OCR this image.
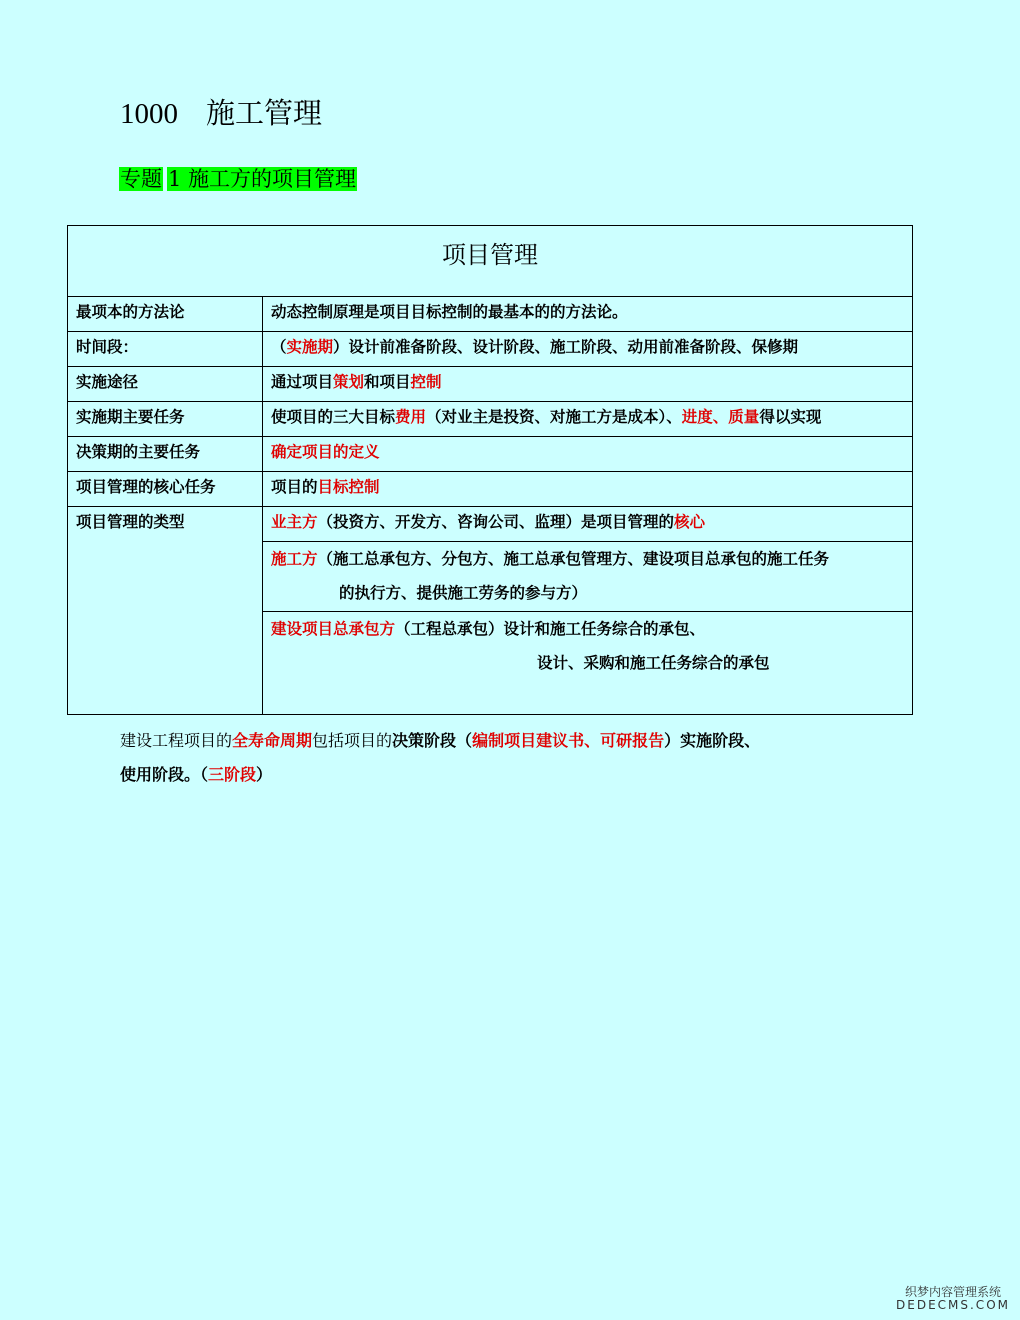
1000 施工管理
专题 1 施工方的项目管理
项目管理	
最项本的方法论	动态控制原理是项目目标控制的最基本的的方法论。
时间段：	（实施期）设计前准备阶段、设计阶段、施工阶段、动用前准备阶段、保修期
实施途径	通过项目策划和项目控制
实施期主要任务	使项目的三大目标费用（对业主是投资、对施工方是成本）、进度、质量得以实现
决策期的主要任务	确定项目的定义
项目管理的核心任务	项目的目标控制
项目管理的类型	业主方（投资方、开发方、咨询公司、监理）是项目管理的核心

	施工方（施工总承包方、分包方、施工总承包管理方、建设项目总承包的施工任务
的执行方、提供施工劳务的参与方）

	建设项目总承包方（工程总承包）设计和施工任务综合的承包、
设计、采购和施工任务综合的承包
建设工程项目的全寿命周期包括项目的决策阶段（编制项目建议书、可研报告）实施阶段、
使用阶段。（三阶段）
织梦内容管理系统
DEDECMS.COM
